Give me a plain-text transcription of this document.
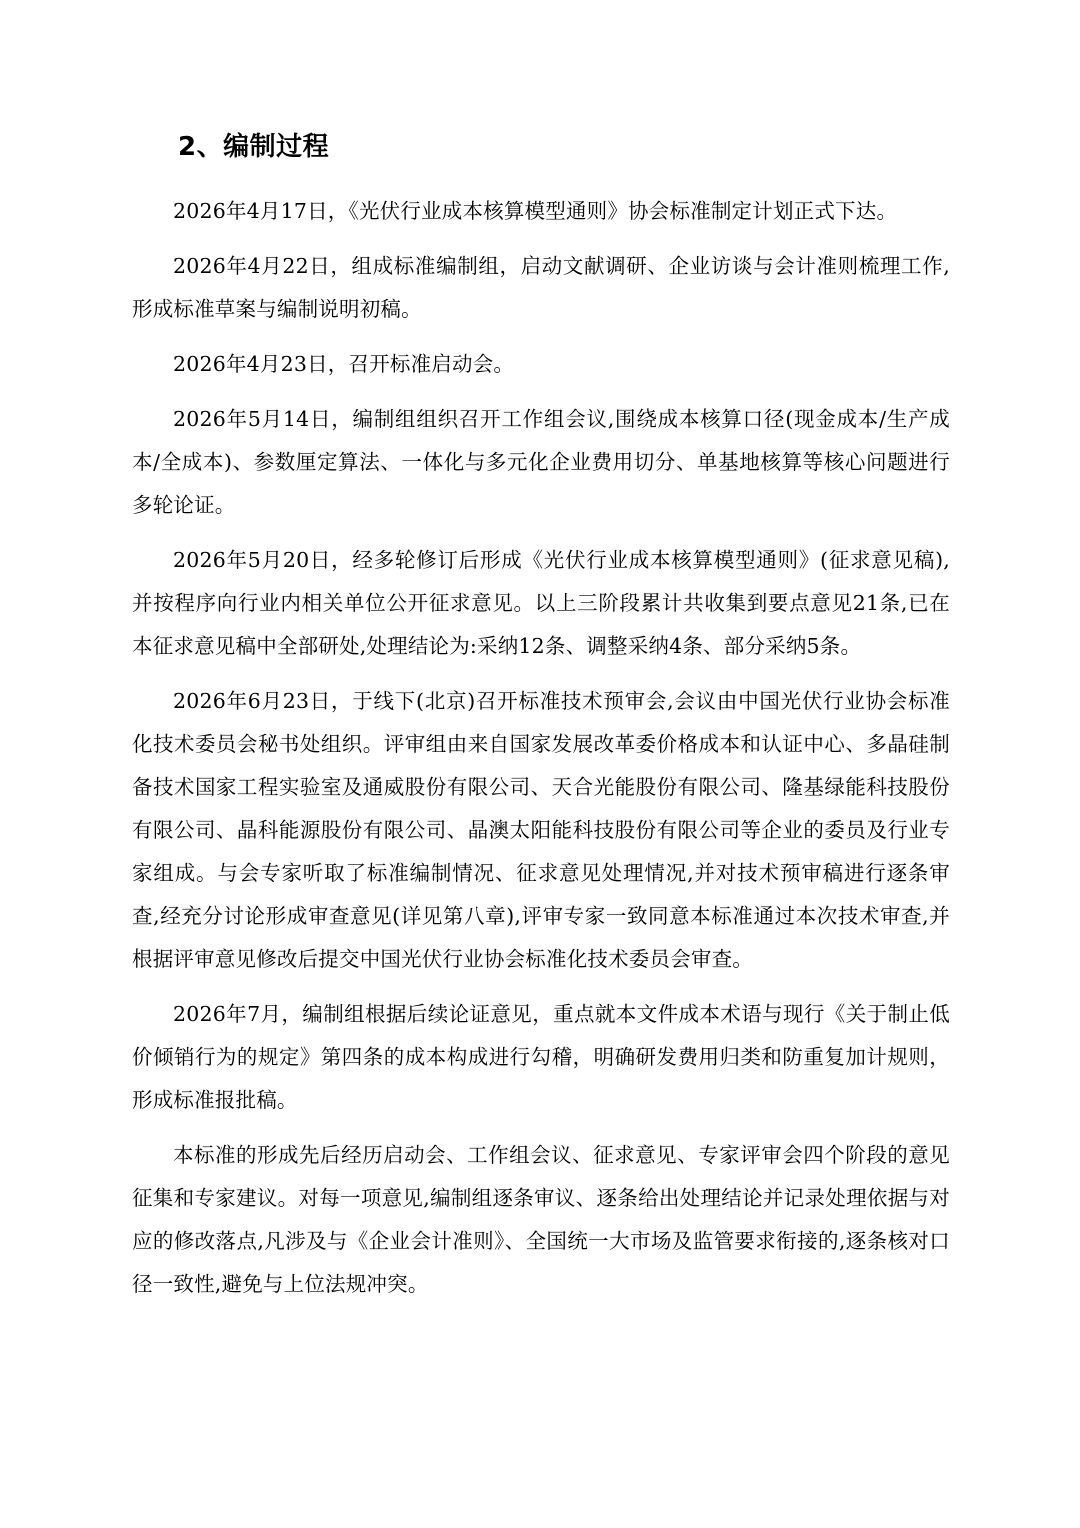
2、编制过程

2026年4月17日，《光伏行业成本核算模型通则》协会标准制定计划正式下达。

2026年4月22日，组成标准编制组，启动文献调研、企业访谈与会计准则梳理工作,形成标准草案与编制说明初稿。

2026年4月23日，召开标准启动会。

2026年5月14日，编制组组织召开工作组会议,围绕成本核算口径(现金成本/生产成本/全成本)、参数厘定算法、一体化与多元化企业费用切分、单基地核算等核心问题进行多轮论证。

2026年5月20日，经多轮修订后形成《光伏行业成本核算模型通则》(征求意见稿),并按程序向行业内相关单位公开征求意见。以上三阶段累计共收集到要点意见21条,已在本征求意见稿中全部研处,处理结论为:采纳12条、调整采纳4条、部分采纳5条。

2026年6月23日，于线下(北京)召开标准技术预审会,会议由中国光伏行业协会标准化技术委员会秘书处组织。评审组由来自国家发展改革委价格成本和认证中心、多晶硅制备技术国家工程实验室及通威股份有限公司、天合光能股份有限公司、隆基绿能科技股份有限公司、晶科能源股份有限公司、晶澳太阳能科技股份有限公司等企业的委员及行业专家组成。与会专家听取了标准编制情况、征求意见处理情况,并对技术预审稿进行逐条审查,经充分讨论形成审查意见(详见第八章),评审专家一致同意本标准通过本次技术审查,并根据评审意见修改后提交中国光伏行业协会标准化技术委员会审查。

2026年7月，编制组根据后续论证意见，重点就本文件成本术语与现行《关于制止低价倾销行为的规定》第四条的成本构成进行勾稽，明确研发费用归类和防重复加计规则，形成标准报批稿。

本标准的形成先后经历启动会、工作组会议、征求意见、专家评审会四个阶段的意见征集和专家建议。对每一项意见,编制组逐条审议、逐条给出处理结论并记录处理依据与对应的修改落点,凡涉及与《企业会计准则》、全国统一大市场及监管要求衔接的,逐条核对口径一致性,避免与上位法规冲突。
